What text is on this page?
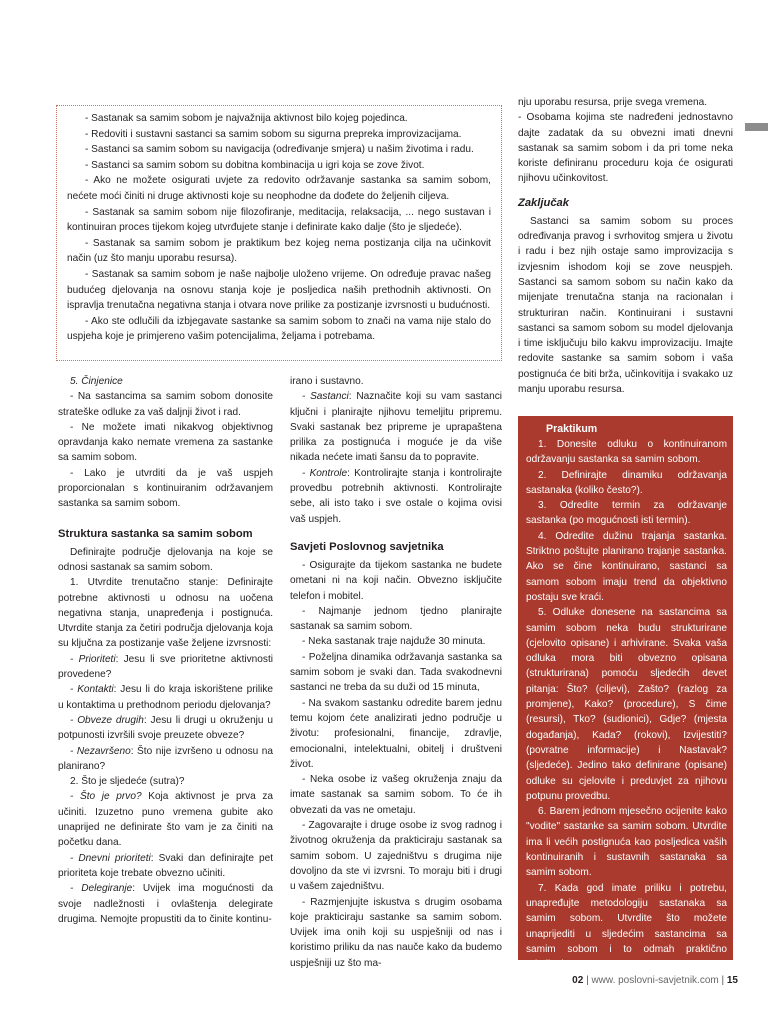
nju uporabu resursa, prije svega vremena.

- Osobama kojima ste nadređeni jednostavno dajte zadatak da su obvezni imati dnevni sastanak sa samim sobom i da pri tome neka koriste definiranu proceduru koja će osigurati njihovu učinkovitost.

Zaključak

Sastanci sa samim sobom su proces određivanja pravog i svrhovitog smjera u životu i radu i bez njih ostaje samo improvizacija s izvjesnim ishodom koji se zove neuspjeh. Sastanci sa samom sobom su način kako da mijenjate trenutačna stanja na racionalan i strukturiran način. Kontinuirani i sustavni sastanci sa samom sobom su model djelovanja i time isključuju bilo kakvu improvizaciju. Imajte redovite sastanke sa samim sobom i vaša postignuća će biti brža, učinkovitija i svakako uz manju uporabu resursa.

- Sastanak sa samim sobom je najvažnija aktivnost bilo kojeg pojedinca.

- Redoviti i sustavni sastanci sa samim sobom su sigurna prepreka improvizacijama.

- Sastanci sa samim sobom su navigacija (određivanje smjera) u našim životima i radu.

- Sastanci sa samim sobom su dobitna kombinacija u igri koja se zove život.

- Ako ne možete osigurati uvjete za redovito održavanje sastanka sa samim sobom, nećete moći činiti ni druge aktivnosti koje su neophodne da dođete do željenih ciljeva.

- Sastanak sa samim sobom nije filozofiranje, meditacija, relaksacija, ... nego sustavan i kontinuiran proces tijekom kojeg utvrđujete stanje i definirate kako dalje (što je sljedeće).

- Sastanak sa samim sobom je praktikum bez kojeg nema postizanja cilja na učinkovit način (uz što manju uporabu resursa).

- Sastanak sa samim sobom je naše najbolje uloženo vrijeme. On određuje pravac našeg budućeg djelovanja na osnovu stanja koje je posljedica naših prethodnih aktivnosti. On ispravlja trenutačna negativna stanja i otvara nove prilike za postizanje izvrsnosti u budućnosti.

- Ako ste odlučili da izbjegavate sastanke sa samim sobom to znači na vama nije stalo do uspjeha koje je primjereno vašim potencijalima, željama i potrebama.

5. Činjenice

- Na sastancima sa samim sobom donosite strateške odluke za vaš daljnji život i rad.

- Ne možete imati nikakvog objektivnog opravdanja kako nemate vremena za sastanke sa samim sobom.

- Lako je utvrditi da je vaš uspjeh proporcionalan s kontinuiranim održavanjem sastanka sa samim sobom.

Struktura sastanka sa samim sobom

Definirajte područje djelovanja na koje se odnosi sastanak sa samim sobom.

1. Utvrdite trenutačno stanje: Definirajte potrebne aktivnosti u odnosu na uočena negativna stanja, unapređenja i postignuća. Utvrdite stanja za četiri područja djelovanja koja su ključna za postizanje vaše željene izvrsnosti:

- Prioriteti: Jesu li sve prioritetne aktivnosti provedene?

- Kontakti: Jesu li do kraja iskorištene prilike u kontaktima u prethodnom periodu djelovanja?

- Obveze drugih: Jesu li drugi u okruženju u potpunosti izvršili svoje preuzete obveze?

- Nezavršeno: Što nije izvršeno u odnosu na planirano?

2. Što je sljedeće (sutra)?

- Što je prvo? Koja aktivnost je prva za učiniti. Izuzetno puno vremena gubite ako unaprijed ne definirate što vam je za činiti na početku dana.

- Dnevni prioriteti: Svaki dan definirajte pet prioriteta koje trebate obvezno učiniti.

- Delegiranje: Uvijek ima mogućnosti da svoje nadležnosti i ovlaštenja delegirate drugima. Nemojte propustiti da to činite kontinu-

irano i sustavno.

- Sastanci: Naznačite koji su vam sastanci ključni i planirajte njihovu temeljitu pripremu. Svaki sastanak bez pripreme je uprapaštena prilika za postignuća i moguće je da više nikada nećete imati šansu da to popravite.

- Kontrole: Kontrolirajte stanja i kontrolirajte provedbu potrebnih aktivnosti. Kontrolirajte sebe, ali isto tako i sve ostale o kojima ovisi vaš uspjeh.

Savjeti Poslovnog savjetnika

- Osigurajte da tijekom sastanka ne budete ometani ni na koji način. Obvezno isključite telefon i mobitel.

- Najmanje jednom tjedno planirajte sastanak sa samim sobom.

- Neka sastanak traje najduže 30 minuta.

- Poželjna dinamika održavanja sastanka sa samim sobom je svaki dan. Tada svakodnevni sastanci ne treba da su duži od 15 minuta,

- Na svakom sastanku odredite barem jednu temu kojom ćete analizirati jedno područje u životu: profesionalni, financije, zdravlje, emocionalni, intelektualni, obitelj i društveni život.

- Neka osobe iz vašeg okruženja znaju da imate sastanak sa samim sobom. To će ih obvezati da vas ne ometaju.

- Zagovarajte i druge osobe iz svog radnog i životnog okruženja da prakticiraju sastanak sa samim sobom. U zajedništvu s drugima nije dovoljno da ste vi izvrsni. To moraju biti i drugi u vašem zajedništvu.

- Razmjenjujte iskustva s drugim osobama koje prakticiraju sastanke sa samim sobom. Uvijek ima onih koji su uspješniji od nas i koristimo priliku da nas nauče kako da budemo uspješniji uz što ma-

Praktikum

1. Donesite odluku o kontinuiranom održavanju sastanka sa samim sobom.

2. Definirajte dinamiku održavanja sastanaka (koliko često?).

3. Odredite termin za održavanje sastanka (po mogućnosti isti termin).

4. Odredite dužinu trajanja sastanka. Striktno poštujte planirano trajanje sastanka. Ako se čine kontinuirano, sastanci sa samom sobom imaju trend da objektivno postaju sve kraći.

5. Odluke donesene na sastancima sa samim sobom neka budu strukturirane (cjelovito opisane) i arhivirane. Svaka vaša odluka mora biti obvezno opisana (strukturirana) pomoću sljedećih devet pitanja: Što? (ciljevi), Zašto? (razlog za promjene), Kako? (procedure), S čime (resursi), Tko? (sudionici), Gdje? (mjesta događanja), Kada? (rokovi), Izvijestiti? (povratne informacije) i Nastavak? (sljedeće). Jedino tako definirane (opisane) odluke su cjelovite i preduvjet za njihovu potpunu provedbu.

6. Barem jednom mjesečno ocijenite kako "vodite" sastanke sa samim sobom. Utvrdite ima li većih postignuća kao posljedica vaših kontinuiranih i sustavnih sastanaka sa samim sobom.

7. Kada god imate priliku i potrebu, unapređujte metodologiju sastanaka sa samim sobom. Utvrdite što možete unaprijediti u sljedećim sastancima sa samim sobom i to odmah praktično primijenite.

02 | www. poslovni-savjetnik.com | 15
